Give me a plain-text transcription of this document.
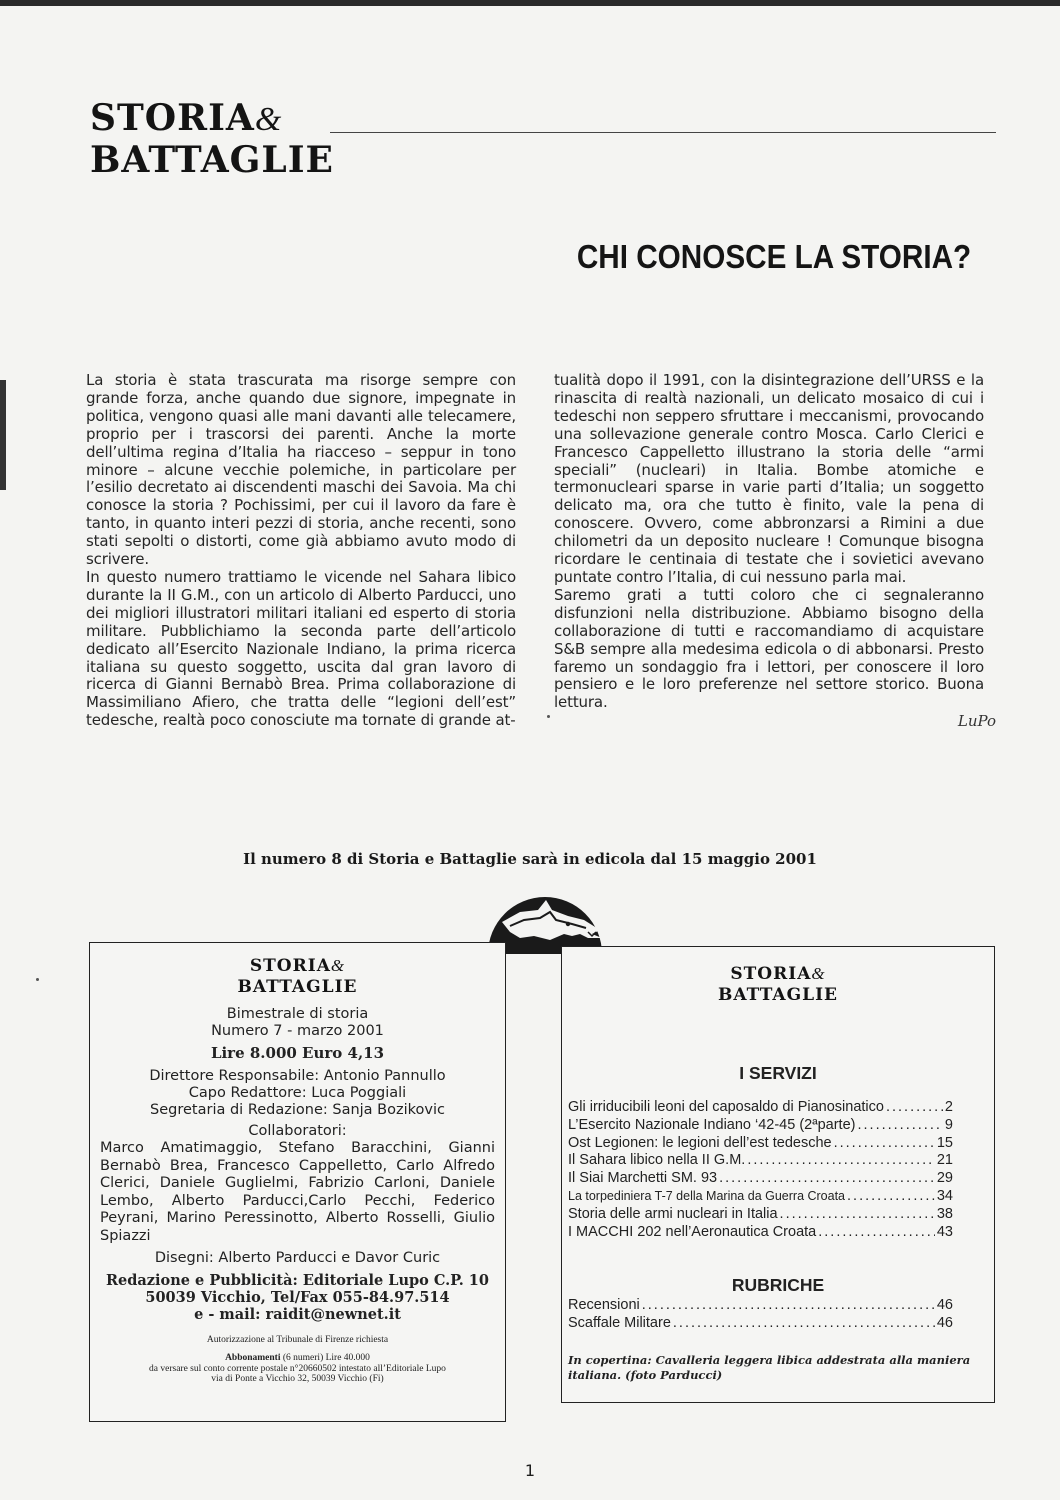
STORIA&
BATTAGLIE
CHI CONOSCE LA STORIA?

La storia è stata trascurata ma risorge sempre con grande forza, anche quando due signore, impegnate in politica, vengono quasi alle mani davanti alle telecamere, proprio per i trascorsi dei parenti. Anche la morte dell’ultima regina d’Italia ha riacceso – seppur in tono minore – alcune vecchie polemiche, in particolare per l’esilio decretato ai discendenti maschi dei Savoia. Ma chi conosce la storia ? Pochissimi, per cui il lavoro da fare è tanto, in quanto interi pezzi di storia, anche recenti, sono stati sepolti o distorti, come già abbiamo avuto modo di scrivere.

In questo numero trattiamo le vicende nel Sahara libico durante la II G.M., con un articolo di Alberto Parducci, uno dei migliori illustratori militari italiani ed esperto di storia militare. Pubblichiamo la seconda parte dell’articolo dedicato all’Esercito Nazionale Indiano, la prima ricerca italiana su questo soggetto, uscita dal gran lavoro di ricerca di Gianni Bernabò Brea. Prima collaborazione di Massimiliano Afiero, che tratta delle “legioni dell’est” tedesche, realtà poco conosciute ma tornate di grande at-

tualità dopo il 1991, con la disintegrazione dell’URSS e la rinascita di realtà nazionali, un delicato mosaico di cui i tedeschi non seppero sfruttare i meccanismi, provocando una sollevazione generale contro Mosca. Carlo Clerici e Francesco Cappelletto illustrano la storia delle “armi speciali” (nucleari) in Italia. Bombe atomiche e termonucleari sparse in varie parti d’Italia; un soggetto delicato ma, ora che tutto è finito, vale la pena di conoscere. Ovvero, come abbronzarsi a Rimini a due chilometri da un deposito nucleare ! Comunque bisogna ricordare le centinaia di testate che i sovietici avevano puntate contro l’Italia, di cui nessuno parla mai.

Saremo grati a tutti coloro che ci segnaleranno disfunzioni nella distribuzione. Abbiamo bisogno della collaborazione di tutti e raccomandiamo di acquistare S&B sempre alla medesima edicola o di abbonarsi. Presto faremo un sondaggio fra i lettori, per conoscere il loro pensiero e le loro preferenze nel settore storico. Buona lettura.

LuPo
Il numero 8 di Storia e Battaglie sarà in edicola dal 15 maggio 2001
STORIA&
BATTAGLIE
Bimestrale di storia
Numero 7 - marzo 2001
Lire 8.000 Euro 4,13
Direttore Responsabile: Antonio Pannullo
Capo Redattore: Luca Poggiali
Segretaria di Redazione: Sanja Bozikovic
Collaboratori:
Marco Amatimaggio, Stefano Baracchini, Gianni Bernabò Brea, Francesco Cappelletto, Carlo Alfredo Clerici, Daniele Guglielmi, Fabrizio Carloni, Daniele Lembo, Alberto Parducci,Carlo Pecchi, Federico Peyrani, Marino Peressinotto, Alberto Rosselli, Giulio Spiazzi
Disegni: Alberto Parducci e Davor Curic
Redazione e Pubblicità: Editoriale Lupo C.P. 10
50039 Vicchio, Tel/Fax 055-84.97.514
e - mail: raidit@newnet.it
Autorizzazione al Tribunale di Firenze richiesta
Abbonamenti (6 numeri) Lire 40.000
da versare sul conto corrente postale n°20660502 intestato all’Editoriale Lupo
via di Ponte a Vicchio 32, 50039 Vicchio (Fi)
STORIA&
BATTAGLIE
I SERVIZI
Gli irriducibili leoni del caposaldo di Pianosinatico .....	2
L’Esercito Nazionale Indiano ‘42-45 (2ªparte) .....	9
Ost Legionen: le legioni dell’est tedesche .....	15
Il Sahara libico nella II G.M. .....	21
Il Siai Marchetti SM. 93 .....	29
La torpediniera T-7 della Marina da Guerra Croata .....	34
Storia delle armi nucleari in Italia .....	38
I MACCHI 202 nell’Aeronautica Croata .....	43
RUBRICHE
Recensioni .....	46
Scaffale Militare .....	46
In copertina: Cavalleria leggera libica addestrata alla maniera italiana. (foto Parducci)
1
